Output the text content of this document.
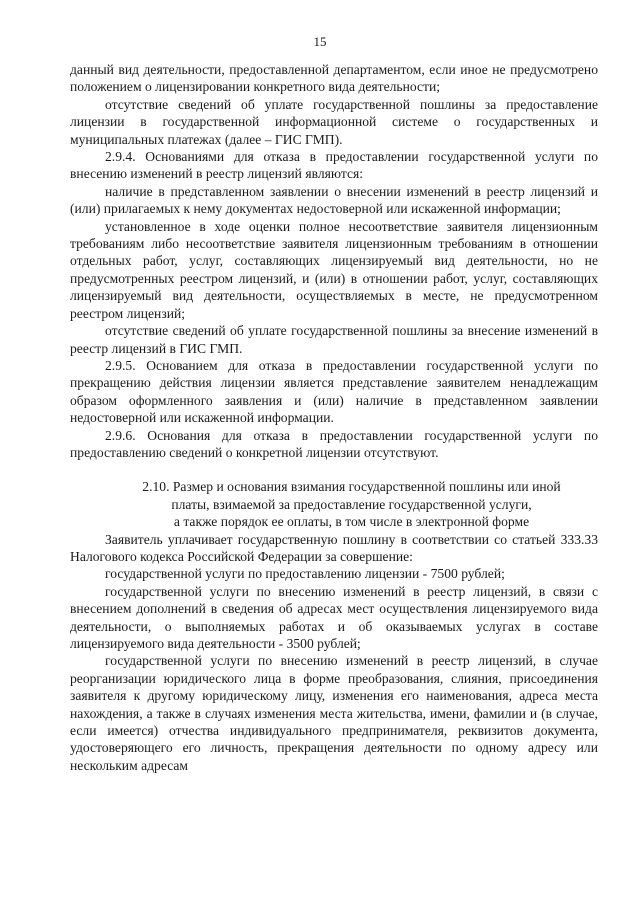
15

данный вид деятельности, предоставленной департаментом, если иное не предусмотрено положением о лицензировании конкретного вида деятельности;

отсутствие сведений об уплате государственной пошлины за предоставление лицензии в государственной информационной системе о государственных и муниципальных платежах (далее – ГИС ГМП).

2.9.4. Основаниями для отказа в предоставлении государственной услуги по внесению изменений в реестр лицензий являются:

наличие в представленном заявлении о внесении изменений в реестр лицензий и (или) прилагаемых к нему документах недостоверной или искаженной информации;

установленное в ходе оценки полное несоответствие заявителя лицензионным требованиям либо несоответствие заявителя лицензионным требованиям в отношении отдельных работ, услуг, составляющих лицензируемый вид деятельности, но не предусмотренных реестром лицензий, и (или) в отношении работ, услуг, составляющих лицензируемый вид деятельности, осуществляемых в месте, не предусмотренном реестром лицензий;

отсутствие сведений об уплате государственной пошлины за внесение изменений в реестр лицензий в ГИС ГМП.

2.9.5. Основанием для отказа в предоставлении государственной услуги по прекращению действия лицензии является представление заявителем ненадлежащим образом оформленного заявления и (или) наличие в представленном заявлении недостоверной или искаженной информации.

2.9.6. Основания для отказа в предоставлении государственной услуги по предоставлению сведений о конкретной лицензии отсутствуют.

2.10. Размер и основания взимания государственной пошлины или иной
платы, взимаемой за предоставление государственной услуги,
а также порядок ее оплаты, в том числе в электронной форме

Заявитель уплачивает государственную пошлину в соответствии со статьей 333.33 Налогового кодекса Российской Федерации за совершение:

государственной услуги по предоставлению лицензии - 7500 рублей;

государственной услуги по внесению изменений в реестр лицензий, в связи с внесением дополнений в сведения об адресах мест осуществления лицензируемого вида деятельности, о выполняемых работах и об оказываемых услугах в составе лицензируемого вида деятельности - 3500 рублей;

государственной услуги по внесению изменений в реестр лицензий, в случае реорганизации юридического лица в форме преобразования, слияния, присоединения заявителя к другому юридическому лицу, изменения его наименования, адреса места нахождения, а также в случаях изменения места жительства, имени, фамилии и (в случае, если имеется) отчества индивидуального предпринимателя, реквизитов документа, удостоверяющего его личность, прекращения деятельности по одному адресу или нескольким адресам
